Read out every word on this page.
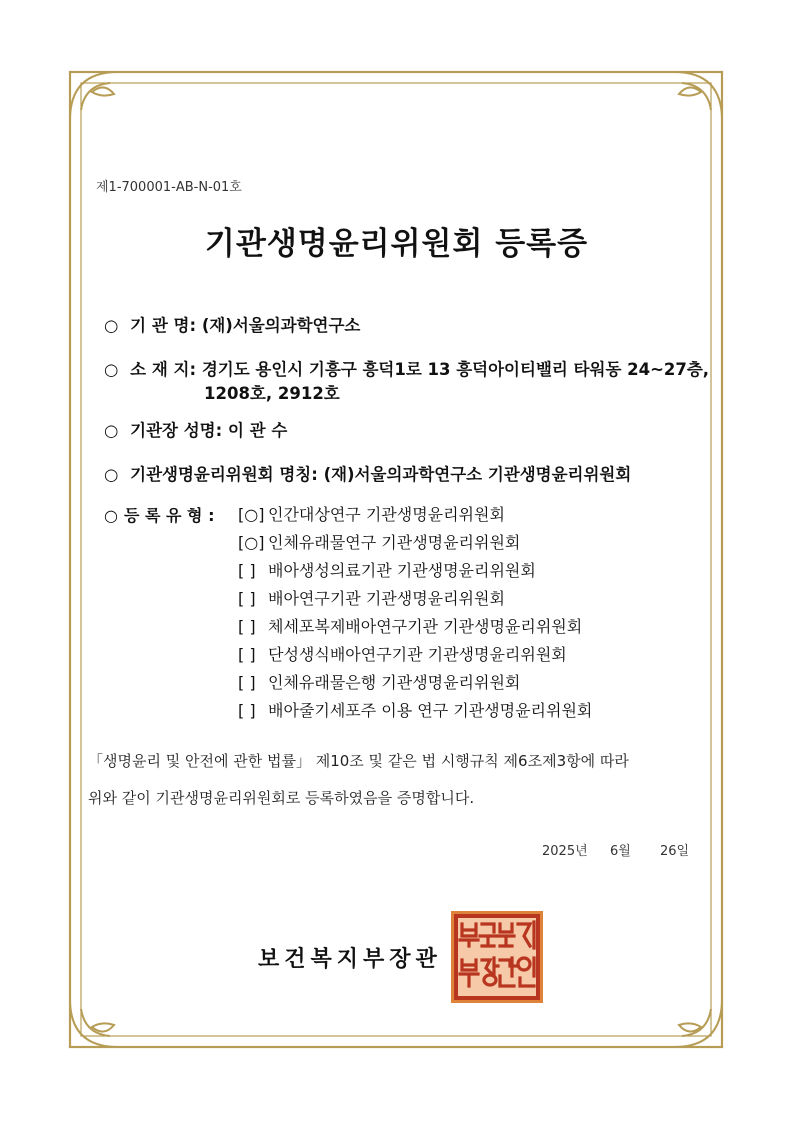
제1-700001-AB-N-01호
기관생명윤리위원회 등록증
○ 기 관 명: (재)서울의과학연구소
○ 소 재 지: 경기도 용인시 기흥구 흥덕1로 13 흥덕아이티밸리 타워동 24~27층,
1208호, 2912호
○ 기관장 성명: 이 관 수
○ 기관생명윤리위원회 명칭: (재)서울의과학연구소 기관생명윤리위원회
○ 등 록 유 형 :	[○] 인간대상연구 기관생명윤리위원회
[○] 인체유래물연구 기관생명윤리위원회
[ ] 배아생성의료기관 기관생명윤리위원회
[ ] 배아연구기관 기관생명윤리위원회
[ ] 체세포복제배아연구기관 기관생명윤리위원회
[ ] 단성생식배아연구기관 기관생명윤리위원회
[ ] 인체유래물은행 기관생명윤리위원회
[ ] 배아줄기세포주 이용 연구 기관생명윤리위원회
「생명윤리 및 안전에 관한 법률」 제10조 및 같은 법 시행규칙 제6조제3항에 따라
위와 같이 기관생명윤리위원회로 등록하였음을 증명합니다.
2025년 6월 26일
보건복지부장관
